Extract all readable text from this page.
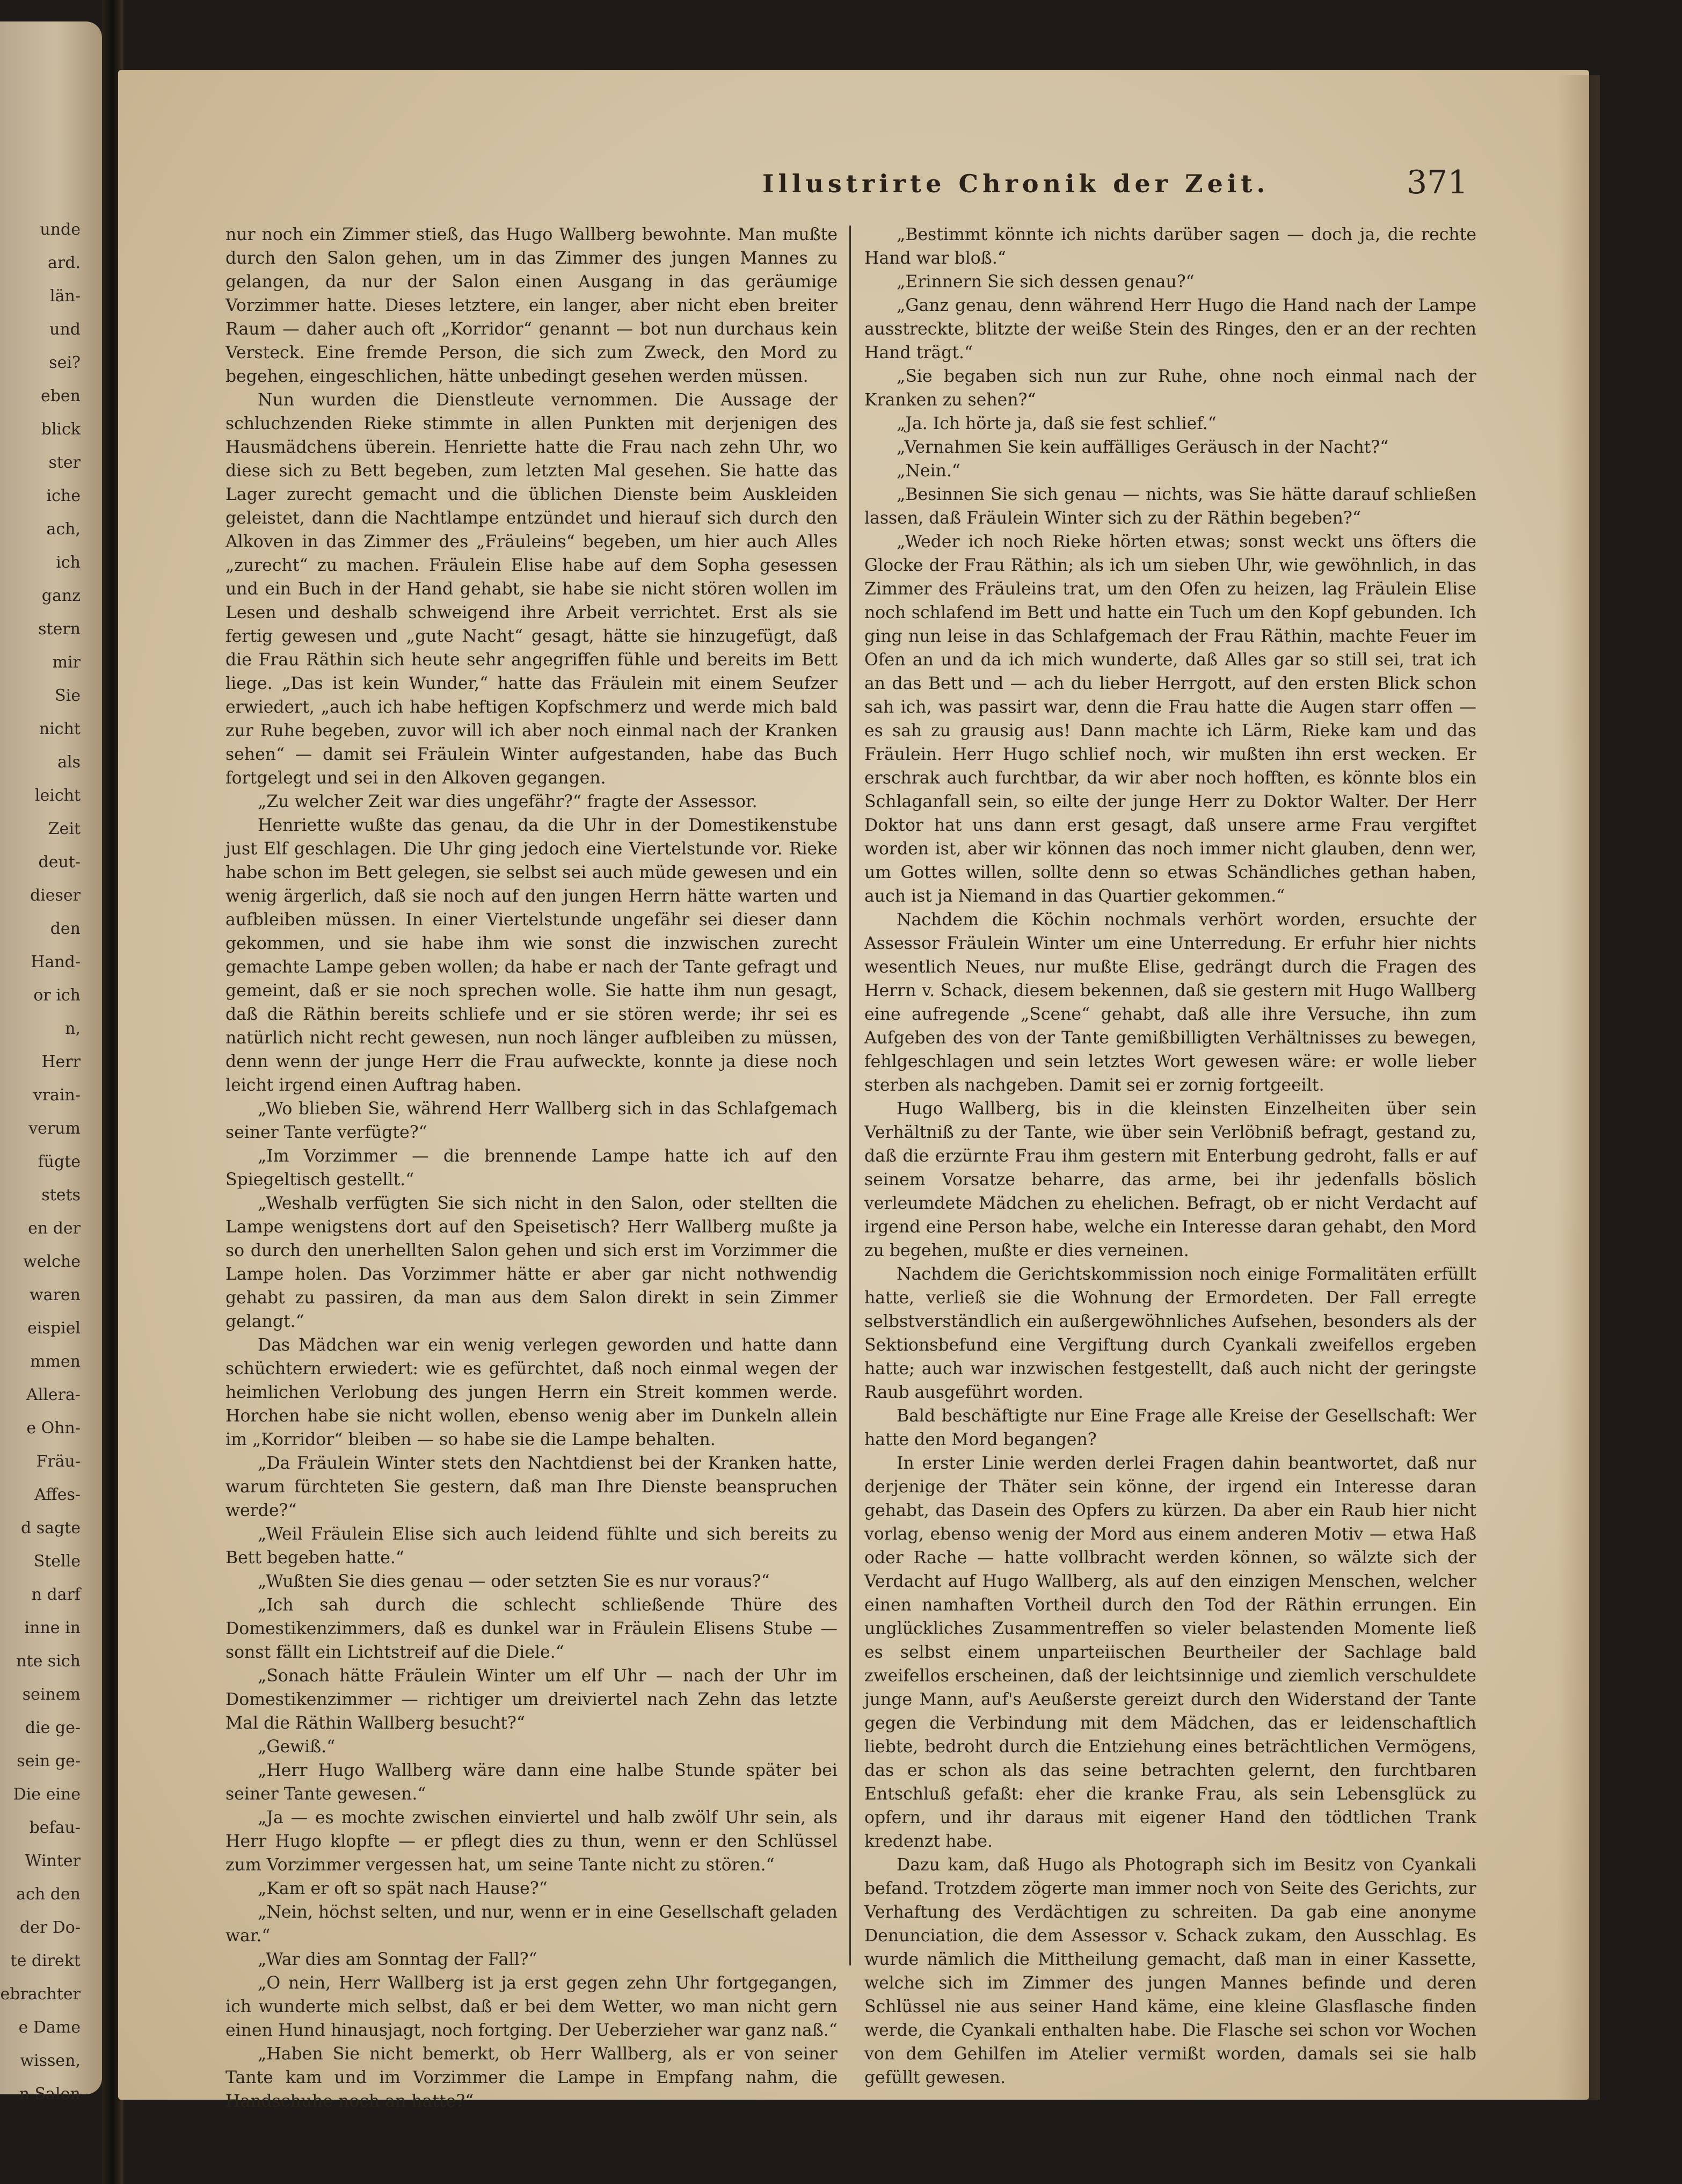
unde
ard.
län-
und
sei?
eben
blick
ster
iche
ach,
ich
ganz
stern
mir
Sie
nicht
als
leicht
Zeit
deut-
dieser
den
Hand-
or ich
n,
Herr
vrain-
verum
fügte
stets
en der
welche
waren
eispiel
mmen
Allera-
e Ohn-
Fräu-
Affes-
d sagte
Stelle
n darf
inne in
nte sich
seinem
die ge-
sein ge-
Die eine
befau-
Winter
ach den
der Do-
te direkt
ebrachter
e Dame
wissen,
n Salon
Illustrirte Chronik der Zeit.	371

nur noch ein Zimmer stieß, das Hugo Wallberg bewohnte. Man mußte durch den Salon gehen, um in das Zimmer des jungen Mannes zu gelangen, da nur der Salon einen Ausgang in das geräumige Vorzimmer hatte. Dieses letztere, ein langer, aber nicht eben breiter Raum — daher auch oft „Korridor“ genannt — bot nun durchaus kein Versteck. Eine fremde Person, die sich zum Zweck, den Mord zu begehen, eingeschlichen, hätte unbedingt gesehen werden müssen.

Nun wurden die Dienstleute vernommen. Die Aussage der schluchzenden Rieke stimmte in allen Punkten mit derjenigen des Hausmädchens überein. Henriette hatte die Frau nach zehn Uhr, wo diese sich zu Bett begeben, zum letzten Mal gesehen. Sie hatte das Lager zurecht gemacht und die üblichen Dienste beim Auskleiden geleistet, dann die Nachtlampe entzündet und hierauf sich durch den Alkoven in das Zimmer des „Fräuleins“ begeben, um hier auch Alles „zurecht“ zu machen. Fräulein Elise habe auf dem Sopha gesessen und ein Buch in der Hand gehabt, sie habe sie nicht stören wollen im Lesen und deshalb schweigend ihre Arbeit verrichtet. Erst als sie fertig gewesen und „gute Nacht“ gesagt, hätte sie hinzugefügt, daß die Frau Räthin sich heute sehr angegriffen fühle und bereits im Bett liege. „Das ist kein Wunder,“ hatte das Fräulein mit einem Seufzer erwiedert, „auch ich habe heftigen Kopfschmerz und werde mich bald zur Ruhe begeben, zuvor will ich aber noch einmal nach der Kranken sehen“ — damit sei Fräulein Winter aufgestanden, habe das Buch fortgelegt und sei in den Alkoven gegangen.

„Zu welcher Zeit war dies ungefähr?“ fragte der Assessor.

Henriette wußte das genau, da die Uhr in der Domestikenstube just Elf geschlagen. Die Uhr ging jedoch eine Viertelstunde vor. Rieke habe schon im Bett gelegen, sie selbst sei auch müde gewesen und ein wenig ärgerlich, daß sie noch auf den jungen Herrn hätte warten und aufbleiben müssen. In einer Viertelstunde ungefähr sei dieser dann gekommen, und sie habe ihm wie sonst die inzwischen zurecht gemachte Lampe geben wollen; da habe er nach der Tante gefragt und gemeint, daß er sie noch sprechen wolle. Sie hatte ihm nun gesagt, daß die Räthin bereits schliefe und er sie stören werde; ihr sei es natürlich nicht recht gewesen, nun noch länger aufbleiben zu müssen, denn wenn der junge Herr die Frau aufweckte, konnte ja diese noch leicht irgend einen Auftrag haben.

„Wo blieben Sie, während Herr Wallberg sich in das Schlafgemach seiner Tante verfügte?“

„Im Vorzimmer — die brennende Lampe hatte ich auf den Spiegeltisch gestellt.“

„Weshalb verfügten Sie sich nicht in den Salon, oder stellten die Lampe wenigstens dort auf den Speisetisch? Herr Wallberg mußte ja so durch den unerhellten Salon gehen und sich erst im Vorzimmer die Lampe holen. Das Vorzimmer hätte er aber gar nicht nothwendig gehabt zu passiren, da man aus dem Salon direkt in sein Zimmer gelangt.“

Das Mädchen war ein wenig verlegen geworden und hatte dann schüchtern erwiedert: wie es gefürchtet, daß noch einmal wegen der heimlichen Verlobung des jungen Herrn ein Streit kommen werde. Horchen habe sie nicht wollen, ebenso wenig aber im Dunkeln allein im „Korridor“ bleiben — so habe sie die Lampe behalten.

„Da Fräulein Winter stets den Nachtdienst bei der Kranken hatte, warum fürchteten Sie gestern, daß man Ihre Dienste beanspruchen werde?“

„Weil Fräulein Elise sich auch leidend fühlte und sich bereits zu Bett begeben hatte.“

„Wußten Sie dies genau — oder setzten Sie es nur voraus?“

„Ich sah durch die schlecht schließende Thüre des Domestikenzimmers, daß es dunkel war in Fräulein Elisens Stube — sonst fällt ein Lichtstreif auf die Diele.“

„Sonach hätte Fräulein Winter um elf Uhr — nach der Uhr im Domestikenzimmer — richtiger um dreiviertel nach Zehn das letzte Mal die Räthin Wallberg besucht?“

„Gewiß.“

„Herr Hugo Wallberg wäre dann eine halbe Stunde später bei seiner Tante gewesen.“

„Ja — es mochte zwischen einviertel und halb zwölf Uhr sein, als Herr Hugo klopfte — er pflegt dies zu thun, wenn er den Schlüssel zum Vorzimmer vergessen hat, um seine Tante nicht zu stören.“

„Kam er oft so spät nach Hause?“

„Nein, höchst selten, und nur, wenn er in eine Gesellschaft geladen war.“

„War dies am Sonntag der Fall?“

„O nein, Herr Wallberg ist ja erst gegen zehn Uhr fortgegangen, ich wunderte mich selbst, daß er bei dem Wetter, wo man nicht gern einen Hund hinausjagt, noch fortging. Der Ueberzieher war ganz naß.“

„Haben Sie nicht bemerkt, ob Herr Wallberg, als er von seiner Tante kam und im Vorzimmer die Lampe in Empfang nahm, die Handschuhe noch an hatte?“

„Bestimmt könnte ich nichts darüber sagen — doch ja, die rechte Hand war bloß.“

„Erinnern Sie sich dessen genau?“

„Ganz genau, denn während Herr Hugo die Hand nach der Lampe ausstreckte, blitzte der weiße Stein des Ringes, den er an der rechten Hand trägt.“

„Sie begaben sich nun zur Ruhe, ohne noch einmal nach der Kranken zu sehen?“

„Ja. Ich hörte ja, daß sie fest schlief.“

„Vernahmen Sie kein auffälliges Geräusch in der Nacht?“

„Nein.“

„Besinnen Sie sich genau — nichts, was Sie hätte darauf schließen lassen, daß Fräulein Winter sich zu der Räthin begeben?“

„Weder ich noch Rieke hörten etwas; sonst weckt uns öfters die Glocke der Frau Räthin; als ich um sieben Uhr, wie gewöhnlich, in das Zimmer des Fräuleins trat, um den Ofen zu heizen, lag Fräulein Elise noch schlafend im Bett und hatte ein Tuch um den Kopf gebunden. Ich ging nun leise in das Schlafgemach der Frau Räthin, machte Feuer im Ofen an und da ich mich wunderte, daß Alles gar so still sei, trat ich an das Bett und — ach du lieber Herrgott, auf den ersten Blick schon sah ich, was passirt war, denn die Frau hatte die Augen starr offen — es sah zu grausig aus! Dann machte ich Lärm, Rieke kam und das Fräulein. Herr Hugo schlief noch, wir mußten ihn erst wecken. Er erschrak auch furchtbar, da wir aber noch hofften, es könnte blos ein Schlaganfall sein, so eilte der junge Herr zu Doktor Walter. Der Herr Doktor hat uns dann erst gesagt, daß unsere arme Frau vergiftet worden ist, aber wir können das noch immer nicht glauben, denn wer, um Gottes willen, sollte denn so etwas Schändliches gethan haben, auch ist ja Niemand in das Quartier gekommen.“

Nachdem die Köchin nochmals verhört worden, ersuchte der Assessor Fräulein Winter um eine Unterredung. Er erfuhr hier nichts wesentlich Neues, nur mußte Elise, gedrängt durch die Fragen des Herrn v. Schack, diesem bekennen, daß sie gestern mit Hugo Wallberg eine aufregende „Scene“ gehabt, daß alle ihre Versuche, ihn zum Aufgeben des von der Tante gemißbilligten Verhältnisses zu bewegen, fehlgeschlagen und sein letztes Wort gewesen wäre: er wolle lieber sterben als nachgeben. Damit sei er zornig fortgeeilt.

Hugo Wallberg, bis in die kleinsten Einzelheiten über sein Verhältniß zu der Tante, wie über sein Verlöbniß befragt, gestand zu, daß die erzürnte Frau ihm gestern mit Enterbung gedroht, falls er auf seinem Vorsatze beharre, das arme, bei ihr jedenfalls böslich verleumdete Mädchen zu ehelichen. Befragt, ob er nicht Verdacht auf irgend eine Person habe, welche ein Interesse daran gehabt, den Mord zu begehen, mußte er dies verneinen.

Nachdem die Gerichtskommission noch einige Formalitäten erfüllt hatte, verließ sie die Wohnung der Ermordeten. Der Fall erregte selbstverständlich ein außergewöhnliches Aufsehen, besonders als der Sektionsbefund eine Vergiftung durch Cyankali zweifellos ergeben hatte; auch war inzwischen festgestellt, daß auch nicht der geringste Raub ausgeführt worden.

Bald beschäftigte nur Eine Frage alle Kreise der Gesellschaft: Wer hatte den Mord begangen?

In erster Linie werden derlei Fragen dahin beantwortet, daß nur derjenige der Thäter sein könne, der irgend ein Interesse daran gehabt, das Dasein des Opfers zu kürzen. Da aber ein Raub hier nicht vorlag, ebenso wenig der Mord aus einem anderen Motiv — etwa Haß oder Rache — hatte vollbracht werden können, so wälzte sich der Verdacht auf Hugo Wallberg, als auf den einzigen Menschen, welcher einen namhaften Vortheil durch den Tod der Räthin errungen. Ein unglückliches Zusammentreffen so vieler belastenden Momente ließ es selbst einem unparteiischen Beurtheiler der Sachlage bald zweifellos erscheinen, daß der leichtsinnige und ziemlich verschuldete junge Mann, auf's Aeußerste gereizt durch den Widerstand der Tante gegen die Verbindung mit dem Mädchen, das er leidenschaftlich liebte, bedroht durch die Entziehung eines beträchtlichen Vermögens, das er schon als das seine betrachten gelernt, den furchtbaren Entschluß gefaßt: eher die kranke Frau, als sein Lebensglück zu opfern, und ihr daraus mit eigener Hand den tödtlichen Trank kredenzt habe.

Dazu kam, daß Hugo als Photograph sich im Besitz von Cyankali befand. Trotzdem zögerte man immer noch von Seite des Gerichts, zur Verhaftung des Verdächtigen zu schreiten. Da gab eine anonyme Denunciation, die dem Assessor v. Schack zukam, den Ausschlag. Es wurde nämlich die Mittheilung gemacht, daß man in einer Kassette, welche sich im Zimmer des jungen Mannes befinde und deren Schlüssel nie aus seiner Hand käme, eine kleine Glasflasche finden werde, die Cyankali enthalten habe. Die Flasche sei schon vor Wochen von dem Gehilfen im Atelier vermißt worden, damals sei sie halb gefüllt gewesen.
